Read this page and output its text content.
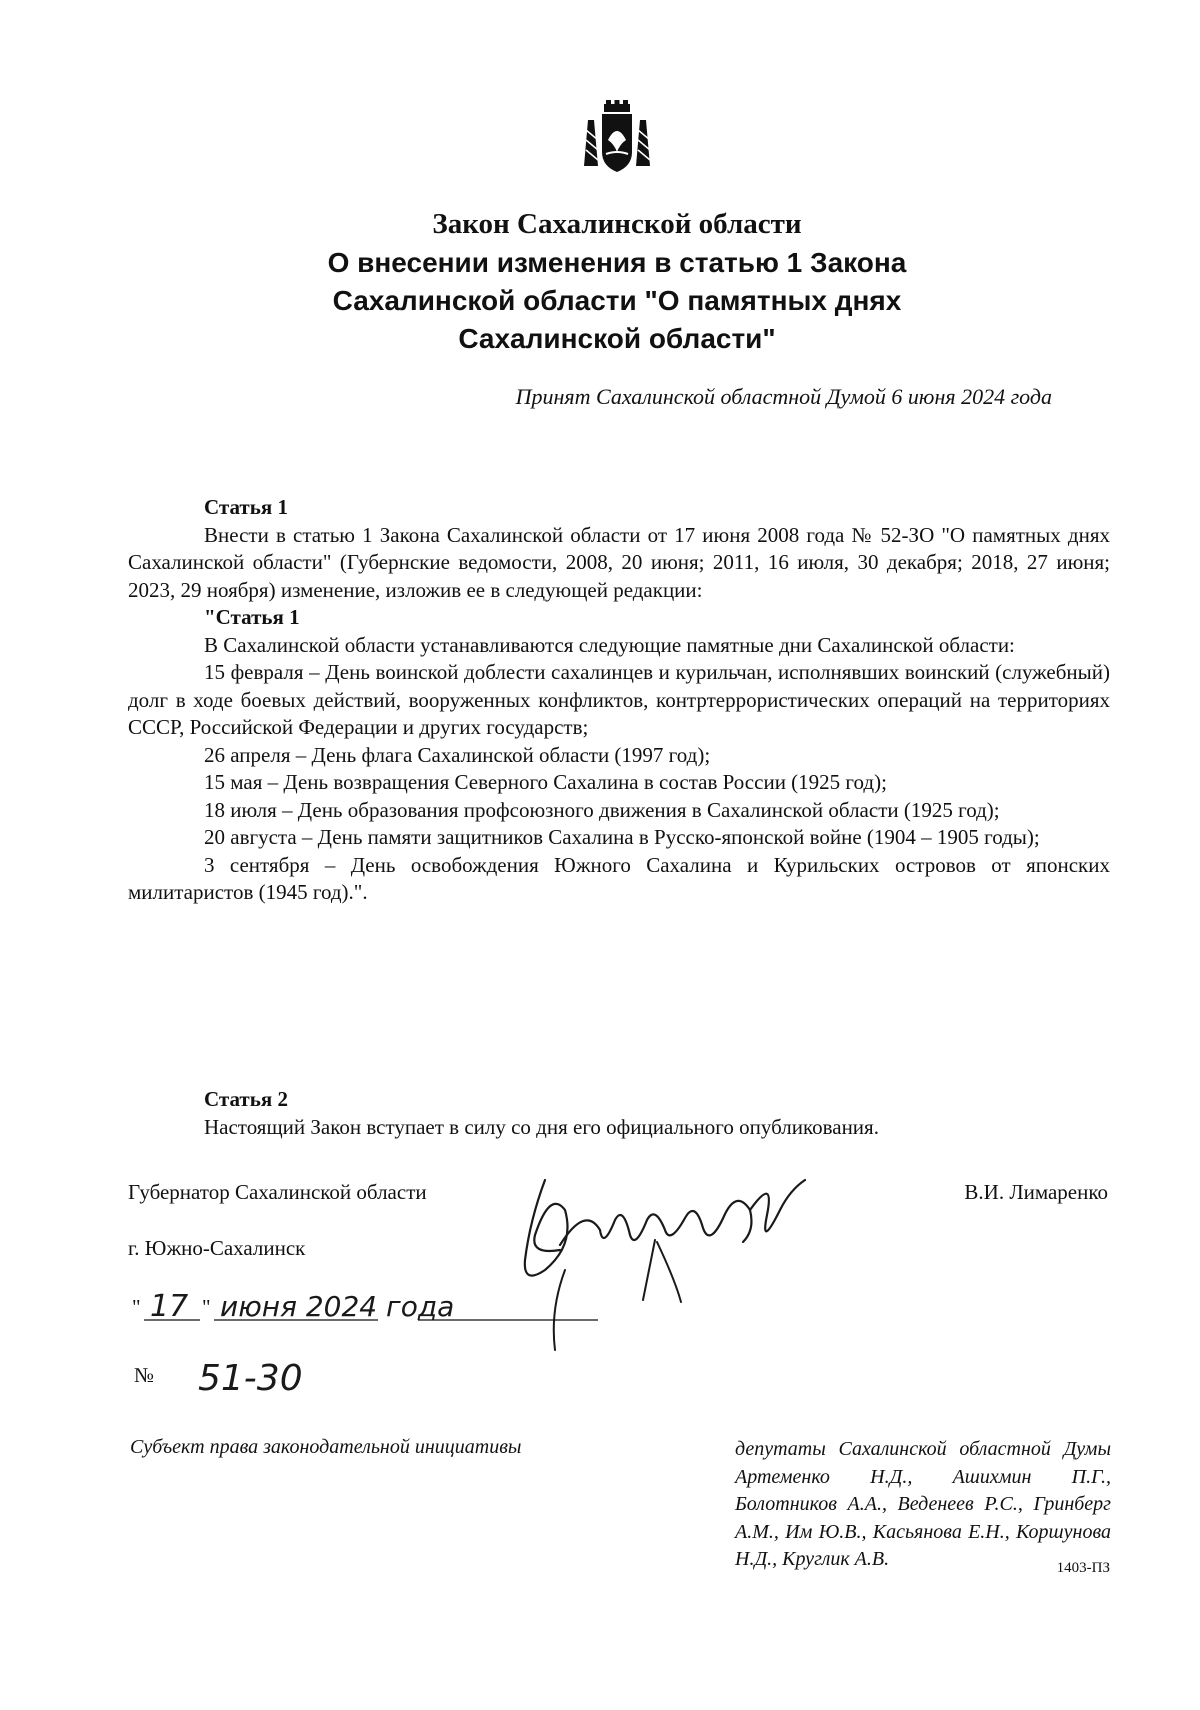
Закон Сахалинской области
О внесении изменения в статью 1 Закона
Сахалинской области "О памятных днях
Сахалинской области"
Принят Сахалинской областной Думой 6 июня 2024 года

Статья 1

Внести в статью 1 Закона Сахалинской области от 17 июня 2008 года № 52-ЗО "О памятных днях Сахалинской области" (Губернские ведомости, 2008, 20 июня; 2011, 16 июля, 30 декабря; 2018, 27 июня; 2023, 29 ноября) изменение, изложив ее в следующей редакции:

"Статья 1

В Сахалинской области устанавливаются следующие памятные дни Сахалинской области:

15 февраля – День воинской доблести сахалинцев и курильчан, исполнявших воинский (служебный) долг в ходе боевых действий, вооруженных конфликтов, контртеррористических операций на территориях СССР, Российской Федерации и других государств;

26 апреля – День флага Сахалинской области (1997 год);

15 мая – День возвращения Северного Сахалина в состав России (1925 год);

18 июля – День образования профсоюзного движения в Сахалинской области (1925 год);

20 августа – День памяти защитников Сахалина в Русско-японской войне (1904 – 1905 годы);

3 сентября – День освобождения Южного Сахалина и Курильских островов от японских милитаристов (1945 год).".

Статья 2

Настоящий Закон вступает в силу со дня его официального опубликования.

Губернатор Сахалинской области	В.И. Лимаренко
г. Южно-Сахалинск
" 17 " июня 2024 года
№ 51-30
Субъект права законодательной инициативы	депутаты Сахалинской областной Думы Артеменко Н.Д., Ашихмин П.Г., Болотников А.А., Веденеев Р.С., Гринберг А.М., Им Ю.В., Касьянова Е.Н., Коршунова Н.Д., Круглик А.В.	1403-ПЗ
